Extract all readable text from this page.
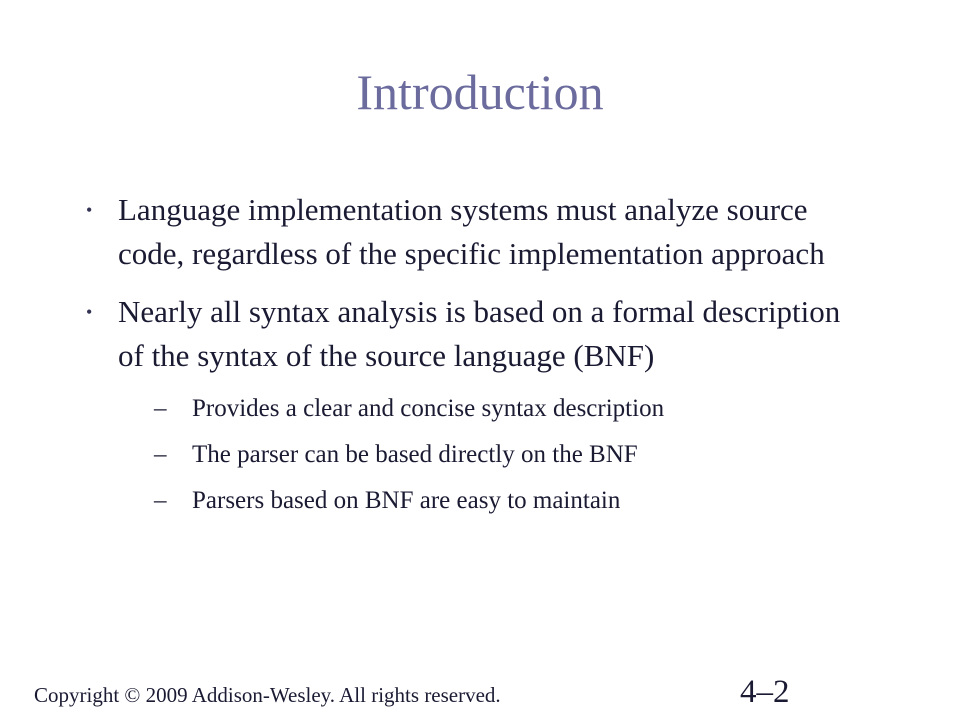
Introduction
• Language implementation systems must analyze source code, regardless of the specific implementation approach
• Nearly all syntax analysis is based on a formal description of the syntax of the source language (BNF)
– Provides a clear and concise syntax description
– The parser can be based directly on the BNF
– Parsers based on BNF are easy to maintain
Copyright © 2009 Addison-Wesley. All rights reserved.	4–2
